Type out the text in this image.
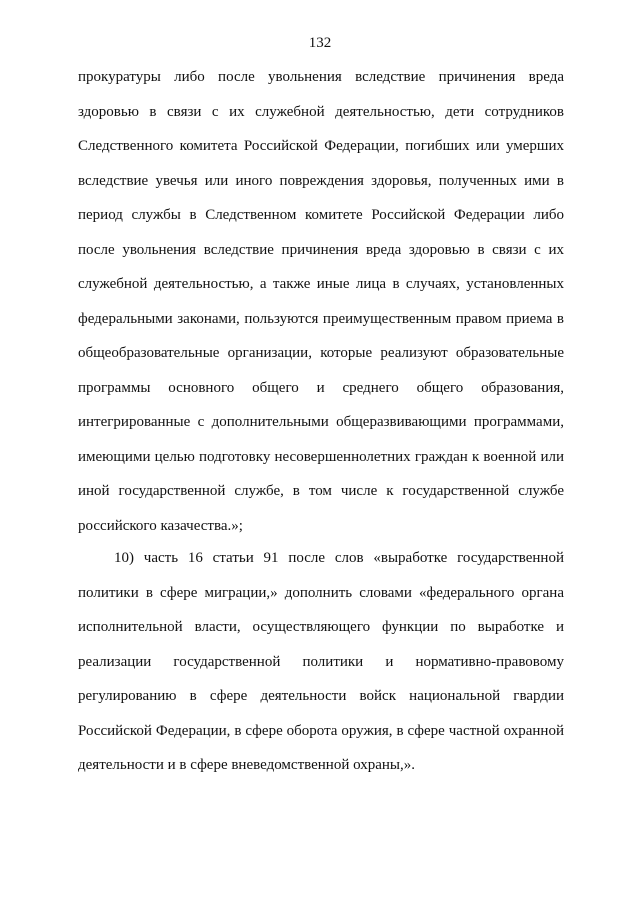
132
прокуратуры либо после увольнения вследствие причинения вреда
здоровью в связи с их служебной деятельностью, дети сотрудников
Следственного комитета Российской Федерации, погибших или умерших
вследствие увечья или иного повреждения здоровья, полученных ими в
период службы в Следственном комитете Российской Федерации либо
после увольнения вследствие причинения вреда здоровью в связи с их
служебной деятельностью, а также иные лица в случаях, установленных
федеральными законами, пользуются преимущественным правом приема в
общеобразовательные организации, которые реализуют образовательные
программы основного общего и среднего общего образования,
интегрированные с дополнительными общеразвивающими программами,
имеющими целью подготовку несовершеннолетних граждан к военной или
иной государственной службе, в том числе к государственной службе
российского казачества.»;
10) часть 16 статьи 91 после слов «выработке государственной
политики в сфере миграции,» дополнить словами «федерального органа
исполнительной власти, осуществляющего функции по выработке и
реализации государственной политики и нормативно-правовому
регулированию в сфере деятельности войск национальной гвардии
Российской Федерации, в сфере оборота оружия, в сфере частной охранной
деятельности и в сфере вневедомственной охраны,».
